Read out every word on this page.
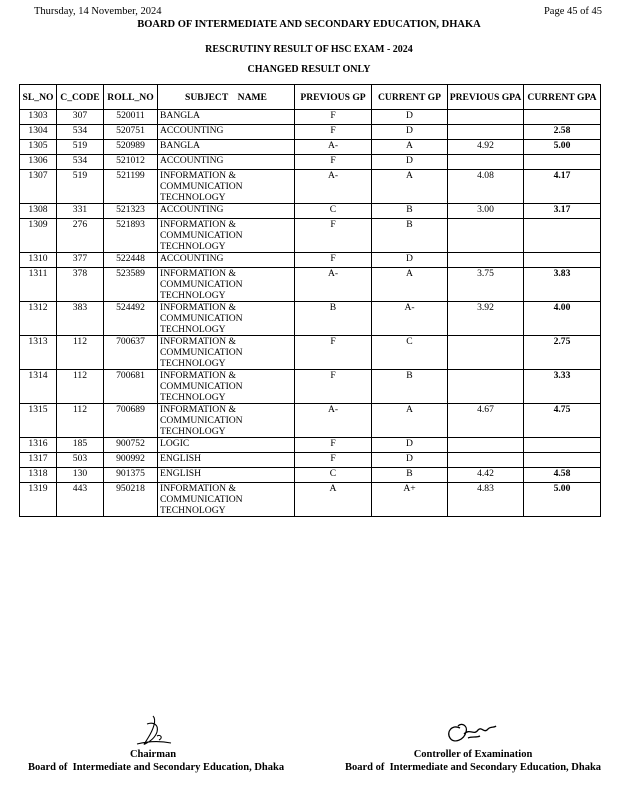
Thursday, 14 November, 2024	Page 45 of 45
BOARD OF INTERMEDIATE AND SECONDARY EDUCATION, DHAKA
RESCRUTINY RESULT OF HSC EXAM - 2024
CHANGED RESULT ONLY
SL_NO	C_CODE	ROLL_NO	SUBJECT    NAME	PREVIOUS GP	CURRENT GP	PREVIOUS GPA	CURRENT GPA
1303	307	520011	BANGLA	F	D		
1304	534	520751	ACCOUNTING	F	D		2.58
1305	519	520989	BANGLA	A-	A	4.92	5.00
1306	534	521012	ACCOUNTING	F	D		
1307	519	521199	INFORMATION &
COMMUNICATION
TECHNOLOGY	A-	A	4.08	4.17
1308	331	521323	ACCOUNTING	C	B	3.00	3.17
1309	276	521893	INFORMATION &
COMMUNICATION
TECHNOLOGY	F	B		
1310	377	522448	ACCOUNTING	F	D		
1311	378	523589	INFORMATION &
COMMUNICATION
TECHNOLOGY	A-	A	3.75	3.83
1312	383	524492	INFORMATION &
COMMUNICATION
TECHNOLOGY	B	A-	3.92	4.00
1313	112	700637	INFORMATION &
COMMUNICATION
TECHNOLOGY	F	C		2.75
1314	112	700681	INFORMATION &
COMMUNICATION
TECHNOLOGY	F	B		3.33
1315	112	700689	INFORMATION &
COMMUNICATION
TECHNOLOGY	A-	A	4.67	4.75
1316	185	900752	LOGIC	F	D		
1317	503	900992	ENGLISH	F	D		
1318	130	901375	ENGLISH	C	B	4.42	4.58
1319	443	950218	INFORMATION &
COMMUNICATION
TECHNOLOGY	A	A+	4.83	5.00
Chairman
Board of  Intermediate and Secondary Education, Dhaka
Controller of Examination
Board of  Intermediate and Secondary Education, Dhaka
